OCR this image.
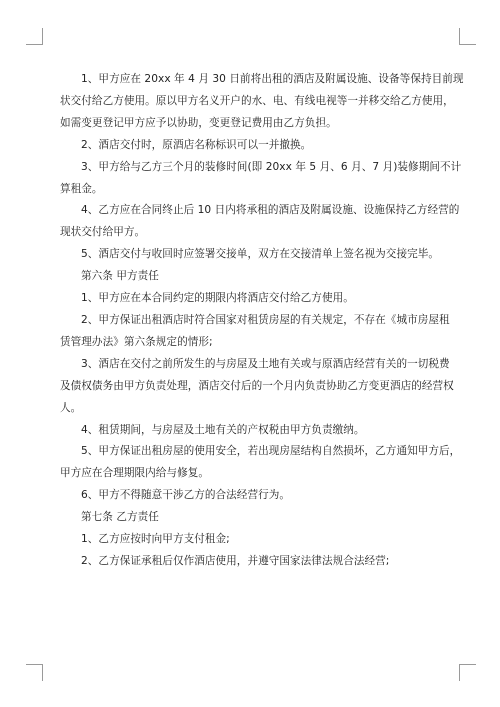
1、甲方应在 20xx 年 4 月 30 日前将出租的酒店及附属设施、设备等保持目前现
状交付给乙方使用。原以甲方名义开户的水、电、有线电视等一并移交给乙方使用，
如需变更登记甲方应予以协助，变更登记费用由乙方负担。

2、酒店交付时，原酒店名称标识可以一并撤换。

3、甲方给与乙方三个月的装修时间(即 20xx 年 5 月、6 月、7 月)装修期间不计
算租金。

4、乙方应在合同终止后 10 日内将承租的酒店及附属设施、设施保持乙方经营的
现状交付给甲方。

5、酒店交付与收回时应签署交接单，双方在交接清单上签名视为交接完毕。

第六条 甲方责任

1、甲方应在本合同约定的期限内将酒店交付给乙方使用。

2、甲方保证出租酒店时符合国家对租赁房屋的有关规定，不存在《城市房屋租
赁管理办法》第六条规定的情形;

3、酒店在交付之前所发生的与房屋及土地有关或与原酒店经营有关的一切税费
及债权债务由甲方负责处理，酒店交付后的一个月内负责协助乙方变更酒店的经营权
人。

4、租赁期间，与房屋及土地有关的产权税由甲方负责缴纳。

5、甲方保证出租房屋的使用安全，若出现房屋结构自然损坏，乙方通知甲方后，
甲方应在合理期限内给与修复。

6、甲方不得随意干涉乙方的合法经营行为。

第七条 乙方责任

1、乙方应按时向甲方支付租金;

2、乙方保证承租后仅作酒店使用，并遵守国家法律法规合法经营;
